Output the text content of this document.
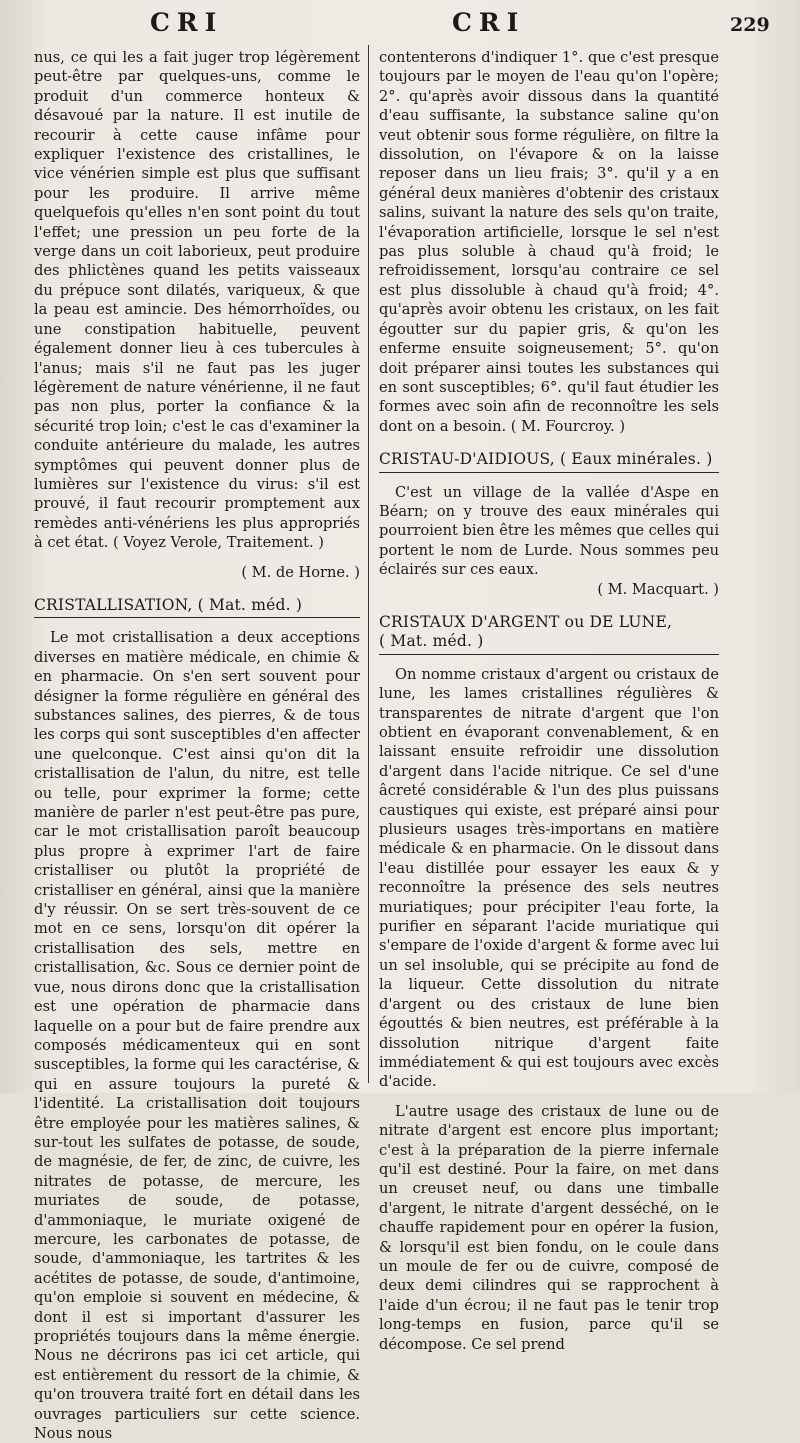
CRI	CRI	229

nus, ce qui les a fait juger trop légèrement peut-être par quelques-uns, comme le produit d'un commerce honteux & désavoué par la nature. Il est inutile de recourir à cette cause infâme pour expliquer l'existence des cristallines, le vice vénérien simple est plus que suffisant pour les produire. Il arrive même quelquefois qu'elles n'en sont point du tout l'effet; une pression un peu forte de la verge dans un coit laborieux, peut produire des phlictènes quand les petits vaisseaux du prépuce sont dilatés, variqueux, & que la peau est amincie. Des hémorrhoïdes, ou une constipation habituelle, peuvent également donner lieu à ces tubercules à l'anus; mais s'il ne faut pas les juger légèrement de nature vénérienne, il ne faut pas non plus, porter la confiance & la sécurité trop loin; c'est le cas d'examiner la conduite antérieure du malade, les autres symptômes qui peuvent donner plus de lumières sur l'existence du virus: s'il est prouvé, il faut recourir promptement aux remèdes anti-vénériens les plus appropriés à cet état. ( Voyez Verole, Traitement. )

( M. de Horne. )

CRISTALLISATION, ( Mat. méd. )

Le mot cristallisation a deux acceptions diverses en matière médicale, en chimie & en pharmacie. On s'en sert souvent pour désigner la forme régulière en général des substances salines, des pierres, & de tous les corps qui sont susceptibles d'en affecter une quelconque. C'est ainsi qu'on dit la cristallisation de l'alun, du nitre, est telle ou telle, pour exprimer la forme; cette manière de parler n'est peut-être pas pure, car le mot cristallisation paroît beaucoup plus propre à exprimer l'art de faire cristalliser ou plutôt la propriété de cristalliser en général, ainsi que la manière d'y réussir. On se sert très-souvent de ce mot en ce sens, lorsqu'on dit opérer la cristallisation des sels, mettre en cristallisation, &c. Sous ce dernier point de vue, nous dirons donc que la cristallisation est une opération de pharmacie dans laquelle on a pour but de faire prendre aux composés médicamenteux qui en sont susceptibles, la forme qui les caractérise, & qui en assure toujours la pureté & l'identité. La cristallisation doit toujours être employée pour les matières salines, & sur-tout les sulfates de potasse, de soude, de magnésie, de fer, de zinc, de cuivre, les nitrates de potasse, de mercure, les muriates de soude, de potasse, d'ammoniaque, le muriate oxigené de mercure, les carbonates de potasse, de soude, d'ammoniaque, les tartrites & les acétites de potasse, de soude, d'antimoine, qu'on emploie si souvent en médecine, & dont il est si important d'assurer les propriétés toujours dans la même énergie. Nous ne décrirons pas ici cet article, qui est entièrement du ressort de la chimie, & qu'on trouvera traité fort en détail dans les ouvrages particuliers sur cette science. Nous nous

contenterons d'indiquer 1°. que c'est presque toujours par le moyen de l'eau qu'on l'opère; 2°. qu'après avoir dissous dans la quantité d'eau suffisante, la substance saline qu'on veut obtenir sous forme régulière, on filtre la dissolution, on l'évapore & on la laisse reposer dans un lieu frais; 3°. qu'il y a en général deux manières d'obtenir des cristaux salins, suivant la nature des sels qu'on traite, l'évaporation artificielle, lorsque le sel n'est pas plus soluble à chaud qu'à froid; le refroidissement, lorsqu'au contraire ce sel est plus dissoluble à chaud qu'à froid; 4°. qu'après avoir obtenu les cristaux, on les fait égoutter sur du papier gris, & qu'on les enferme ensuite soigneusement; 5°. qu'on doit préparer ainsi toutes les substances qui en sont susceptibles; 6°. qu'il faut étudier les formes avec soin afin de reconnoître les sels dont on a besoin. ( M. Fourcroy. )

CRISTAU-D'AIDIOUS, ( Eaux minérales. )

C'est un village de la vallée d'Aspe en Béarn; on y trouve des eaux minérales qui pourroient bien être les mêmes que celles qui portent le nom de Lurde. Nous sommes peu éclairés sur ces eaux.

( M. Macquart. )

CRISTAUX D'ARGENT ou DE LUNE,

( Mat. méd. )

On nomme cristaux d'argent ou cristaux de lune, les lames cristallines régulières & transparentes de nitrate d'argent que l'on obtient en évaporant convenablement, & en laissant ensuite refroidir une dissolution d'argent dans l'acide nitrique. Ce sel d'une âcreté considérable & l'un des plus puissans caustiques qui existe, est préparé ainsi pour plusieurs usages très-importans en matière médicale & en pharmacie. On le dissout dans l'eau distillée pour essayer les eaux & y reconnoître la présence des sels neutres muriatiques; pour précipiter l'eau forte, la purifier en séparant l'acide muriatique qui s'empare de l'oxide d'argent & forme avec lui un sel insoluble, qui se précipite au fond de la liqueur. Cette dissolution du nitrate d'argent ou des cristaux de lune bien égouttés & bien neutres, est préférable à la dissolution nitrique d'argent faite immédiatement & qui est toujours avec excès d'acide.

L'autre usage des cristaux de lune ou de nitrate d'argent est encore plus important; c'est à la préparation de la pierre infernale qu'il est destiné. Pour la faire, on met dans un creuset neuf, ou dans une timballe d'argent, le nitrate d'argent desséché, on le chauffe rapidement pour en opérer la fusion, & lorsqu'il est bien fondu, on le coule dans un moule de fer ou de cuivre, composé de deux demi cilindres qui se rapprochent à l'aide d'un écrou; il ne faut pas le tenir trop long-temps en fusion, parce qu'il se décompose. Ce sel prend
